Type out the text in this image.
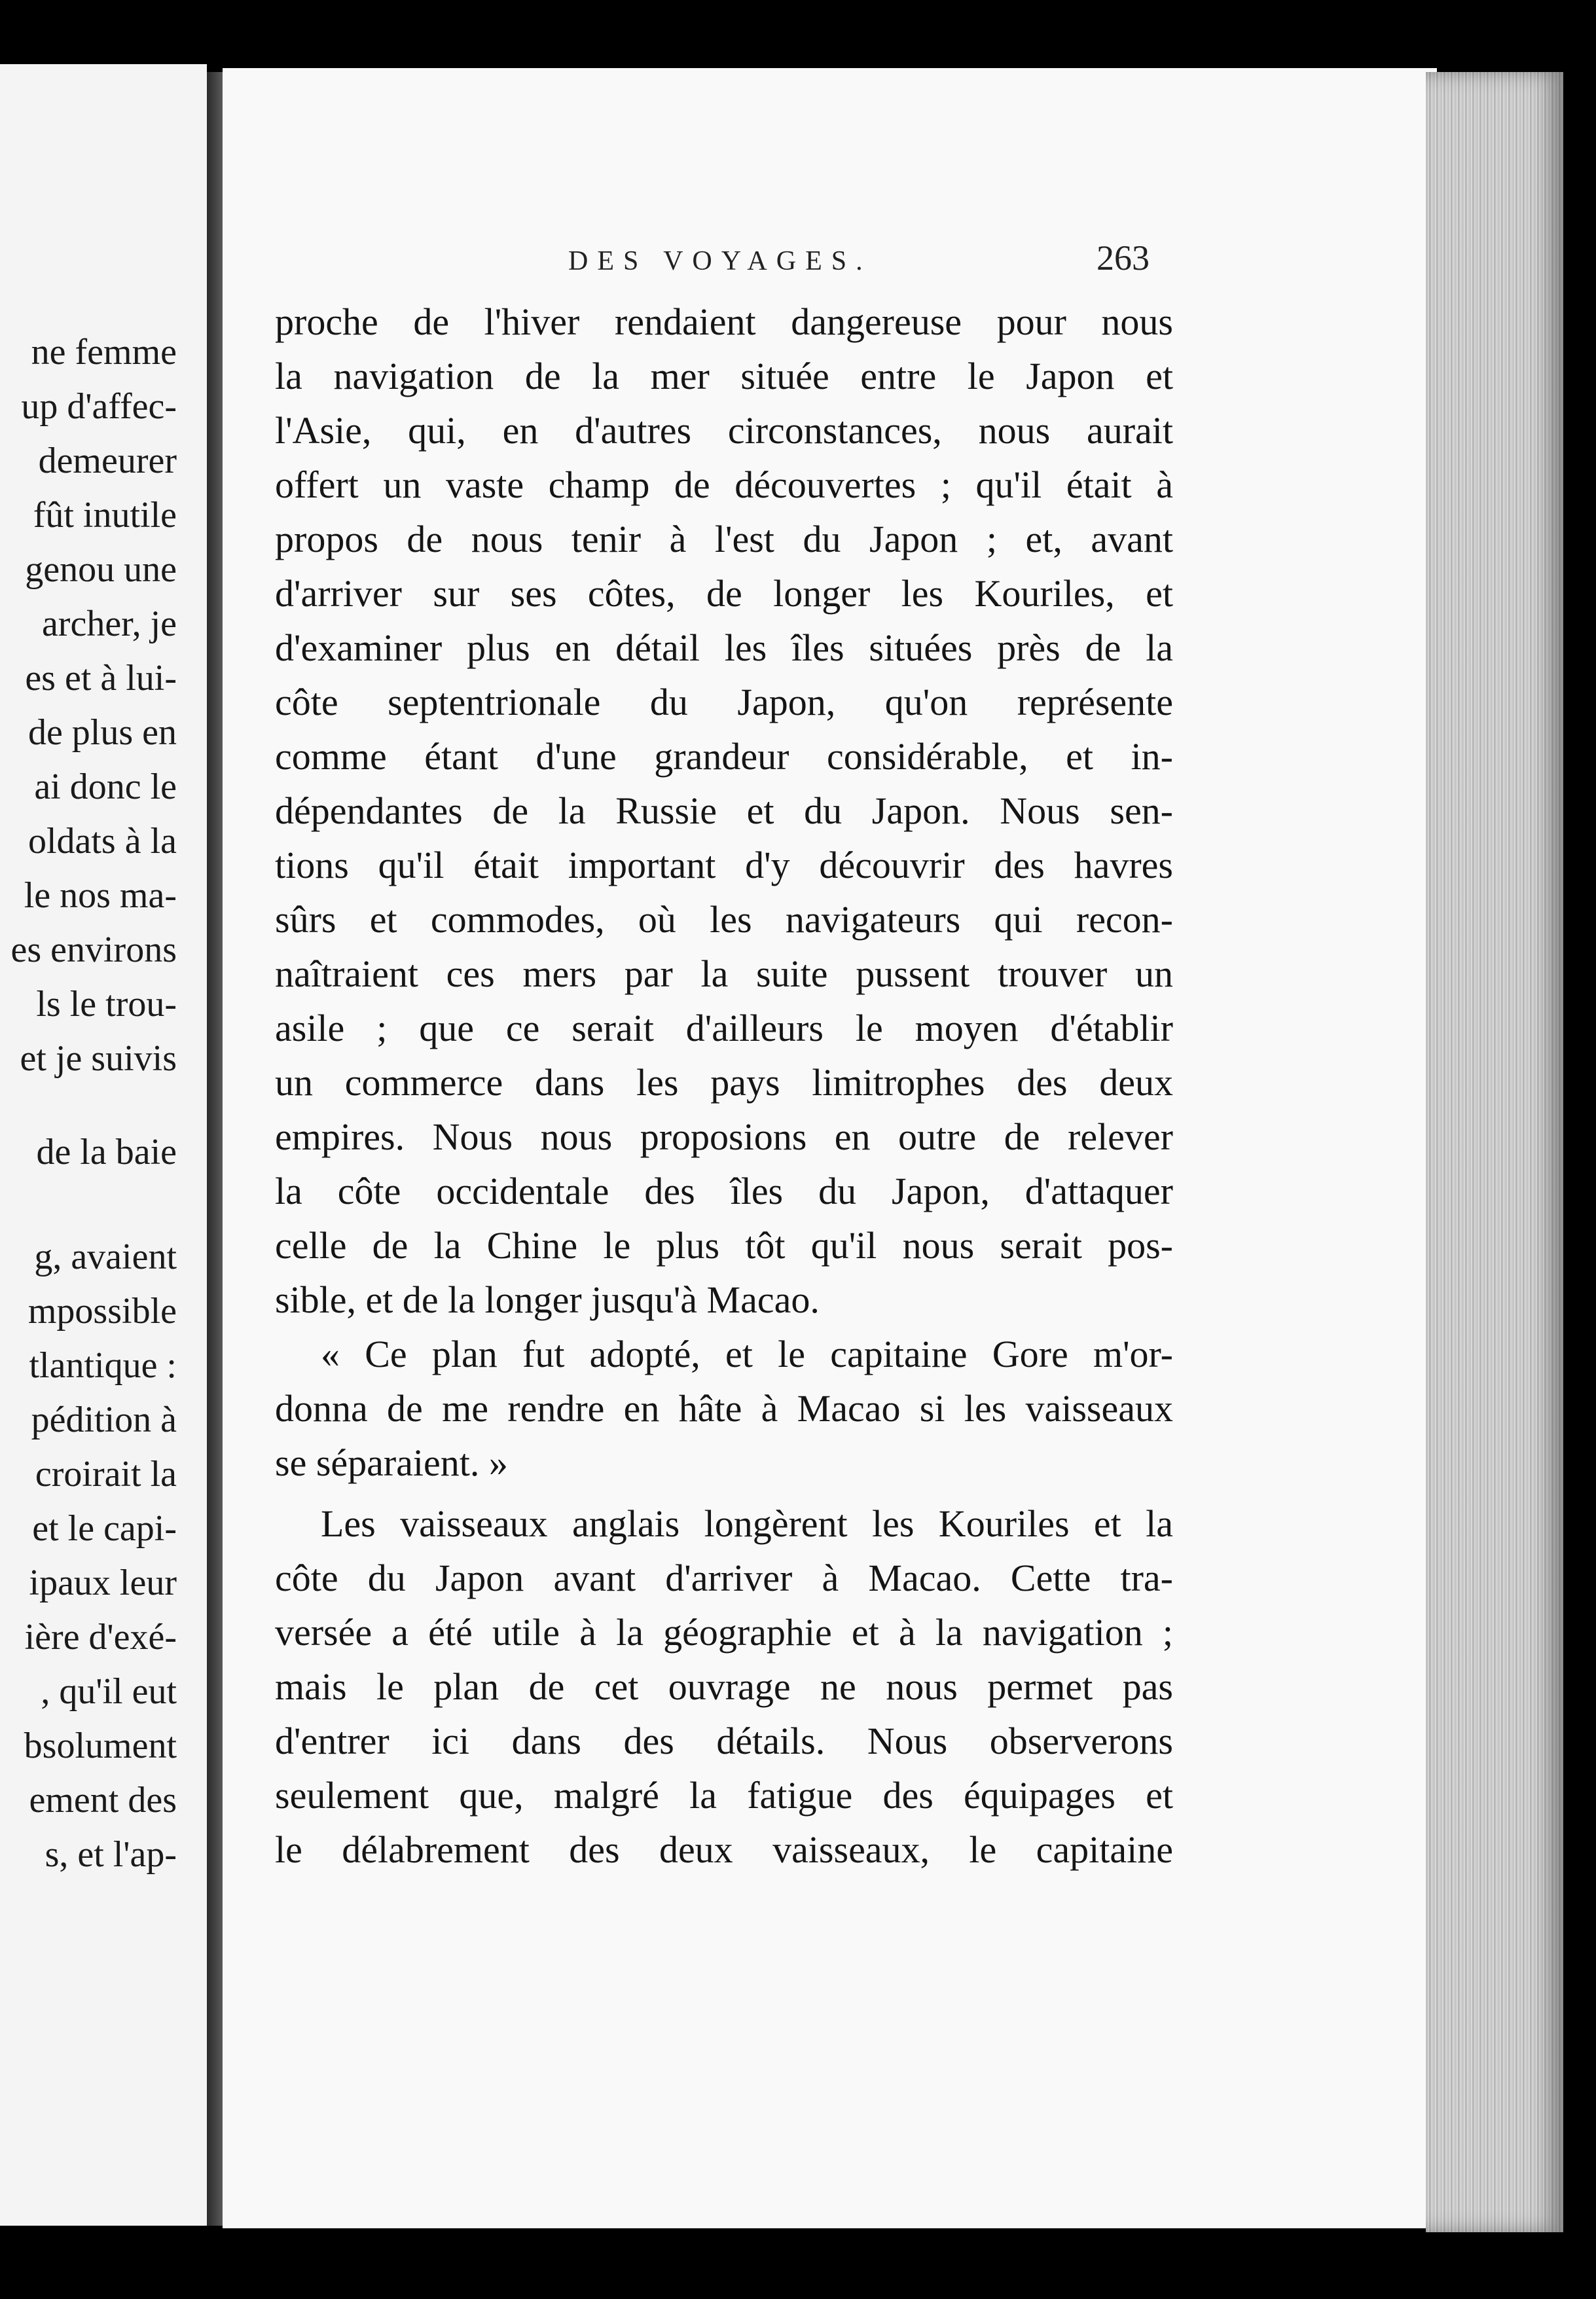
ne femme
up d'affec-
demeurer
fût inutile
genou une
archer, je
es et à lui-
de plus en
ai donc le
oldats à la
le nos ma-
es environs
ls le trou-
et je suivis
de la baie
g, avaient
mpossible
tlantique :
pédition à
croirait la
et le capi-
ipaux leur
ière d'exé-
, qu'il eut
bsolument
ement des
s, et l'ap-
DES VOYAGES.	263
proche de l'hiver rendaient dangereuse pour nous
la navigation de la mer située entre le Japon et
l'Asie, qui, en d'autres circonstances, nous aurait
offert un vaste champ de découvertes ; qu'il était à
propos de nous tenir à l'est du Japon ; et, avant
d'arriver sur ses côtes, de longer les Kouriles, et
d'examiner plus en détail les îles situées près de la
côte septentrionale du Japon, qu'on représente
comme étant d'une grandeur considérable, et in-
dépendantes de la Russie et du Japon. Nous sen-
tions qu'il était important d'y découvrir des havres
sûrs et commodes, où les navigateurs qui recon-
naîtraient ces mers par la suite pussent trouver un
asile ; que ce serait d'ailleurs le moyen d'établir
un commerce dans les pays limitrophes des deux
empires. Nous nous proposions en outre de relever
la côte occidentale des îles du Japon, d'attaquer
celle de la Chine le plus tôt qu'il nous serait pos-
sible, et de la longer jusqu'à Macao.
« Ce plan fut adopté, et le capitaine Gore m'or-
donna de me rendre en hâte à Macao si les vaisseaux
se séparaient. »
Les vaisseaux anglais longèrent les Kouriles et la
côte du Japon avant d'arriver à Macao. Cette tra-
versée a été utile à la géographie et à la navigation ;
mais le plan de cet ouvrage ne nous permet pas
d'entrer ici dans des détails. Nous observerons
seulement que, malgré la fatigue des équipages et
le délabrement des deux vaisseaux, le capitaine
